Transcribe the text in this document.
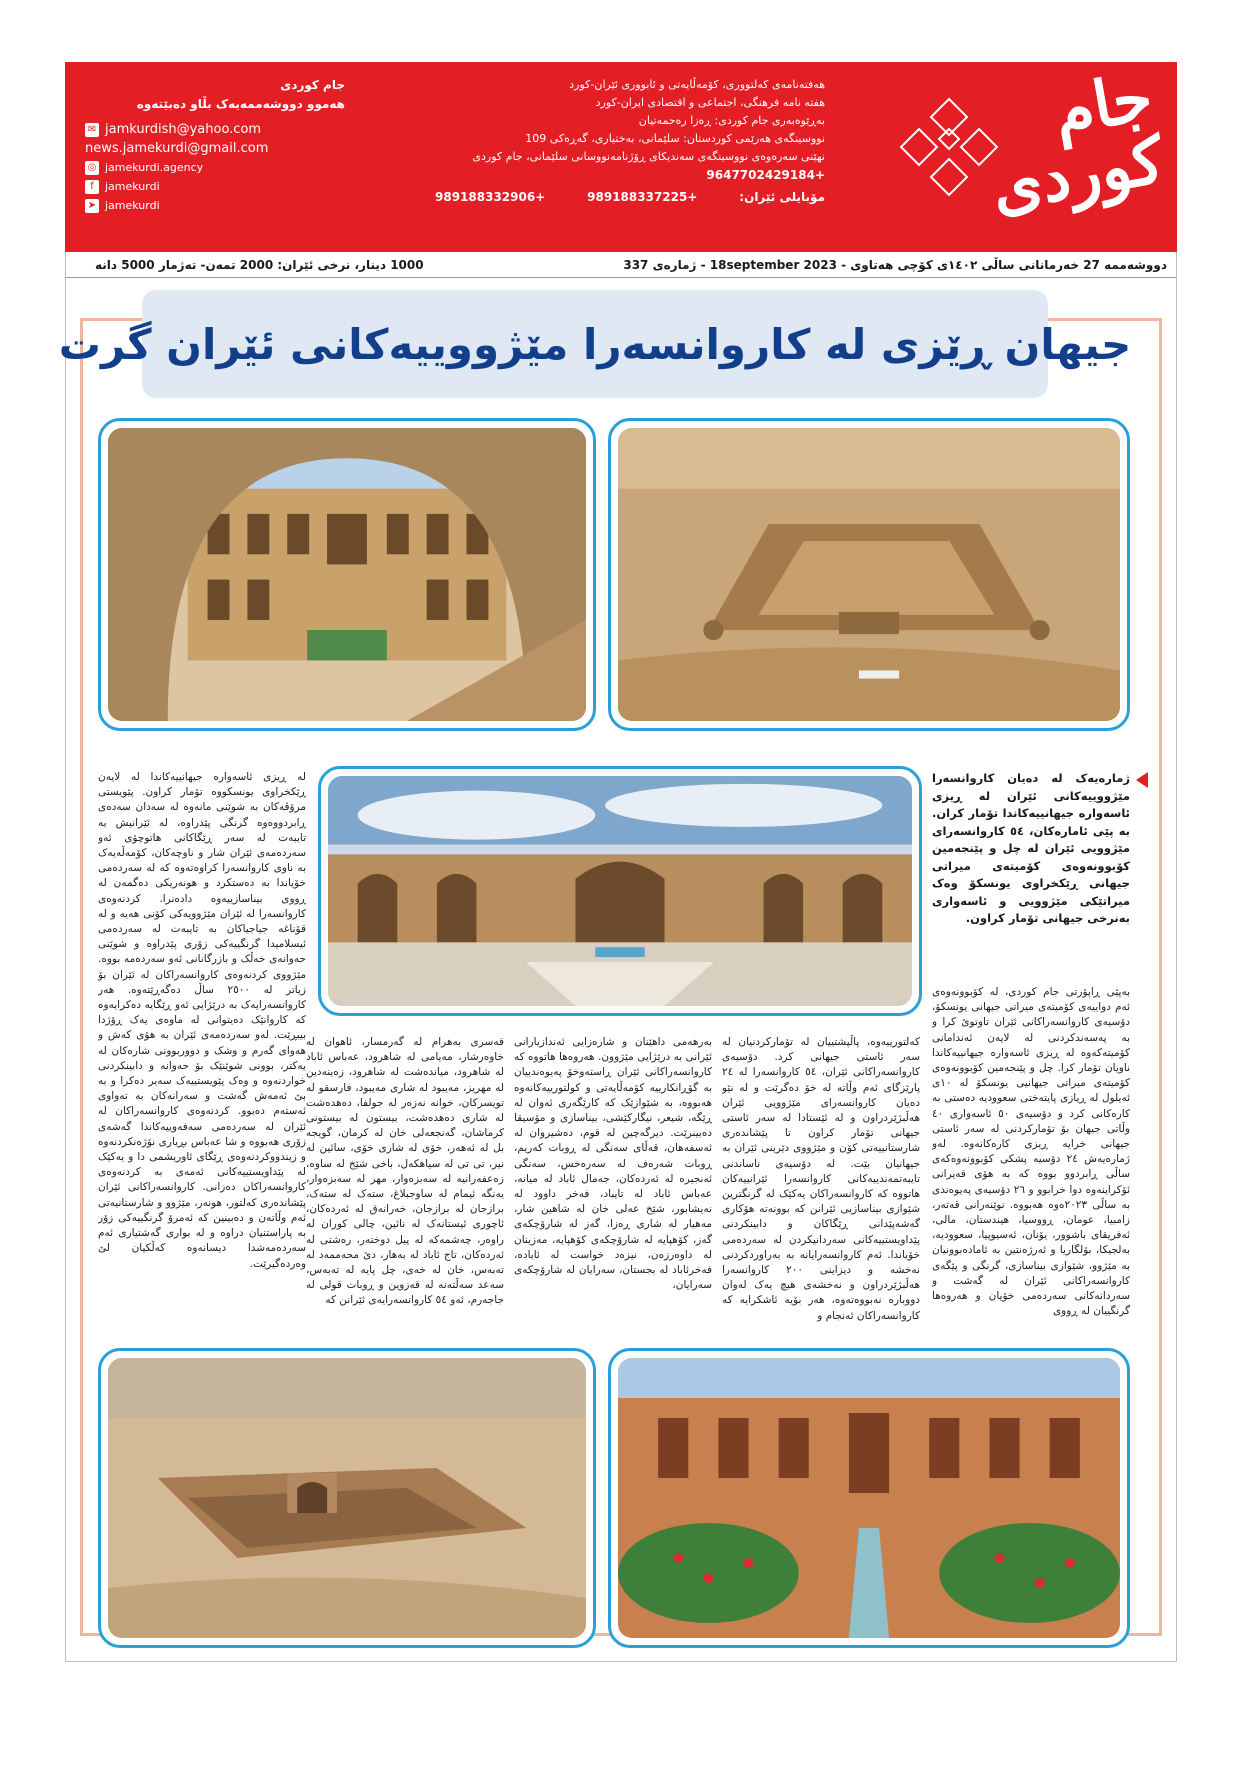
جام کوردی
هەفتەنامەی کەلتووری، کۆمەڵایەتی و ئابووری ئێران-کورد
هفته نامه فرهنگی، اجتماعی و اقتصادی ایران-کورد
بەڕێوەبەری جام کوردی: ڕەزا رەحمەتیان
نووسینگەی هەرێمی کوردستان: سلێمانی، بەختیاری، گەڕەکی 109
نهێنی سەرەوەی نووسینگەی سەندیکای ڕۆژنامەنووسانی سلێمانی، جام کوردی
+9647702429184
مۆبایلی ئێران:
+989188337225
+989188332906
جام کوردی
هەموو دووشەممەیەک بڵاو دەبێتەوە
✉ jamkurdish@yahoo.com
news.jamekurdi@gmail.com
◎ jamekurdi.agency
f	jamekurdi
➤ jamekurdi
دووشەممە 27 خەرمانانی ساڵی ١٤٠٢ی کۆچی هەتاوی - 18september 2023 - ژمارەی 337
1000 دینار، نرخی ئێران: 2000 تمەن- تەژمار 5000 دانە
جیهان ڕێزی لە کاروانسەرا مێژووییەکانی ئێران گرت
ژمارەیەک لە دەیان کاروانسەرا مێژووییەکانی ئێران لە ڕیزی ئاسەوارە جیهانییەکاندا تۆمار کران. بە پێی ئامارەکان، ٥٤ کاروانسەرای مێژوویی ئێران لە چل و پێنجەمین کۆبوونەوەی کۆمیتەی میراتی جیهانی ڕێکخراوی یونسکۆ وەک میراتێکی مێژوویی و ئاسەواری بەنرخی جیهانی تۆمار کراون.
بەپێی ڕاپۆرتی جام کوردی، لە کۆبوونەوەی ئەم دواییەی کۆمیتەی میراتی جیهانی یونسکۆ، دۆسیەی کاروانسەراکانی ئێران تاوتوێ کرا و بە پەسەندکردنی لە لایەن ئەندامانی کۆمیتەکەوە لە ڕیزی ئاسەوارە جیهانییەکاندا ناویان تۆمار کرا. چل و پێنجەمین کۆبوونەوەی کۆمیتەی میراتی جیهانیی یونسکۆ لە ١٠ی ئەیلول لە ڕیازی پایتەختی سعوودیە دەستی بە کارەکانی کرد و دۆسیەی ٥٠ ئاسەواری ٤٠ وڵاتی جیهان بۆ تۆمارکردنی لە سەر ئاستی جیهانی خرایە ڕیزی کارەکانەوە. لەو ژمارەیەش ٢٤ دۆسیە پشکی کۆبوونەوەکەی ساڵی ڕابردوو بووە کە بە هۆی قەیرانی ئۆکراینەوە دوا خرابوو و ٢٦ دۆسیەی پەیوەندی بە ساڵی ٢٠٢٣ەوە هەبووە. نوێنەرانی قەتەر، زامبیا، عومان، ڕووسیا، هیندستان، مالی، ئەفریقای باشوور، یۆنان، ئەسیوپیا، سعوودیە، بەلجیکا، بۆلگاریا و ئەرژەنتین بە ئامادەبوونیان بە مێژوو، شێوازی بیناسازی، گرنگی و پێگەی کاروانسەراکانی ئێران لە گەشت و سەردانەکانی سەردەمی خۆیان و هەروەها گرنگییان لە ڕووی
کەلتورییەوە، پاڵپشتییان لە تۆمارکردنیان لە سەر ئاستی جیهانی کرد. دۆسیەی کاروانسەراکانی ئێران، ٥٤ کاروانسەرا لە ٢٤ پارێزگای ئەم وڵاتە لە خۆ دەگرێت و لە نێو دەیان کاروانسەرای مێژوویی ئێران هەڵبژێردراون و لە ئێستادا لە سەر ئاستی جیهانی تۆمار کراون تا پێشاندەری شارستانییەتی کۆن و مێژووی دێرینی ئێران بە جیهانیان بێت. لە دۆسیەی ناساندنی تایبەتمەندییەکانی کاروانسەرا ئێرانییەکان هاتووە کە کاروانسەراکان یەکێک لە گرنگترین شێوازی بیناسازیی ئێرانن کە بوونەتە هۆکاری گەشەپێدانی ڕێگاکان و دابینکردنی پێداویستییەکانی سەردانیکردن لە سەردەمی خۆیاندا. ئەم کاروانسەرایانە بە بەراوردکردنی نەخشە و دیزاینی ٢٠٠ کاروانسەرا هەڵبژێردراون و نەخشەی هیچ یەک لەوان دووبارە نەبووەتەوە، هەر بۆیە ئاشکرایە کە کاروانسەراکان ئەنجام و
بەرهەمی داهێنان و شارەزایی ئەندازیارانی ئێرانی بە درێژایی مێژوون. هەروەها هاتووە کە کاروانسەراکانی ئێران ڕاستەوخۆ پەیوەندییان بە گۆڕانکارییە کۆمەڵایەتی و کولتورییەکانەوە هەبووە، بە شێوازێک کە کارێگەری ئەوان لە ڕێگە، شیعر، نیگارکێشی، بیناسازی و مۆسیقا دەبینرێت. دیرگەچین لە قوم، دەشیروان لە ئەسفەهان، قەڵای سەنگی لە ڕوبات کەریم، ڕوبات شەرەف لە سەرەخس، سەنگی ئەنجیرە لە ئەردەکان، جەمال ئاباد لە میانە، عەباس ئاباد لە تایباد، فەخر داوود لە نەیشابور، شێخ عەلی خان لە شاهین شار، مەهیار لە شاری ڕەزا، گەز لە شارۆچکەی گەز، کۆهپایە لە شارۆچکەی کۆهپایە، مەزینان لە داوەرزەن، نیزەد خواست لە ئابادە، فەخرئاباد لە بجستان، سەرایان لە شارۆچکەی سەرایان،
قەسری بەهرام لە گەرمسار، ئاهوان لە خاوەرشار، مەیامی لە شاهرود، عەباس ئاباد لە شاهرود، میاندەشت لە شاهرود، زەینەدین لە مهریز، مەیبود لە شاری مەیبود، فارسقو لە تویسرکان، خوانە نەزەر لە جولفا، دەهدەشت لە شاری دەهدەشت، بیستون لە بیستونی کرماشان، گەنجعەلی خان لە کرمان، گویجە بل لە ئەهەر، خۆی لە شاری خۆی، سائین لە نیر، تی تی لە سیاهکەل، باخی شێخ لە ساوە، زەعفەرانیە لە سەبزەوار، مهر لە سەبزەوار، یەنگە ئیمام لە ساوجبلاغ، ستەک لە ستەک، برازجان لە برازجان، خەرانەق لە ئەردەکان، ئاچوری ئیستانەک لە نائین، چالی کوران لە راوەر، چەشمەکە لە پیل دوختەر، رەشتی لە ئەردەکان، تاج ئاباد لە بەهار، دێ محەممەد لە تەبەس، خان لە خەی، چل پایە لە تەبەس، سەعد سەڵتەنە لە قەزوین و ڕوبات قولی لە جاجەرم، ئەو ٥٤ کاروانسەرایەی ئێرانن کە
لە ڕیزی ئاسەوارە جیهانییەکاندا لە لایەن ڕێکخراوی یونسکووە تۆمار کراون. پێویستی مرۆڤەکان بە شوێنی مانەوە لە سەدان سەدەی ڕابردووەوە گرنگی پێدراوە، لە ئێرانیش بە تایبەت لە سەر ڕێگاکانی هاتوچۆی ئەو سەردەمەی ئێران شار و ناوچەکان، کۆمەڵەیەک بە ناوی کاروانسەرا کراوەتەوە کە لە سەردەمی خۆیاندا بە دەستکرد و هونەریکی دەگمەن لە ڕووی بیناسازییەوە دادەنرا. کردنەوەی کاروانسەرا لە ئێران مێژوویەکی کۆنی هەیە و لە قۆناغە جیاجیاکان بە تایبەت لە سەردەمی ئیسلامیدا گرنگییەکی زۆری پێدراوە و شوێنی حەوانەی خەڵک و بازرگانانی ئەو سەردەمە بووە. مێژووی کردنەوەی کاروانسەراکان لە ئێران بۆ زیاتر لە ٢٥٠٠ ساڵ دەگەڕێتەوە. هەر کاروانسەرایەک بە درێژایی ئەو ڕێگایە دەکرایەوە کە کاروانێک دەیتوانی لە ماوەی یەک ڕۆژدا بیبڕێت. لەو سەردەمەی ئێران بە هۆی کەش و هەوای گەرم و وشک و دووربوونی شارەکان لە یەکتر، بوونی شوێنێک بۆ حەوانە و دابینکردنی خواردنەوە و وەک پێویستییەک سەیر دەکرا و بە بێ ئەمەش گەشت و سەرانەکان بە تەواوی ئەستەم دەبوو. کردنەوەی کاروانسەراکان لە ئێران لە سەردەمی سەفەوییەکاندا گەشەی زۆری هەبووە و شا عەباس بڕیاری نۆژەنکردنەوە و زیندووکردنەوەی ڕێگای ئاوریشمی دا و یەکێک لە پێداویستییەکانی ئەمەی بە کردنەوەی کاروانسەراکان دەزانی. کاروانسەراکانی ئێران پێشاندەری کەلتور، هونەر، مێژوو و شارستانیەتی ئەم وڵاتەن و دەبینین کە ئەمرۆ گرنگییەکی زۆر بە پاراستنیان دراوە و لە بواری گەشتیاری ئەم سەردەمەشدا دیسانەوە کەڵکیان لێ وەردەگیرێت.
